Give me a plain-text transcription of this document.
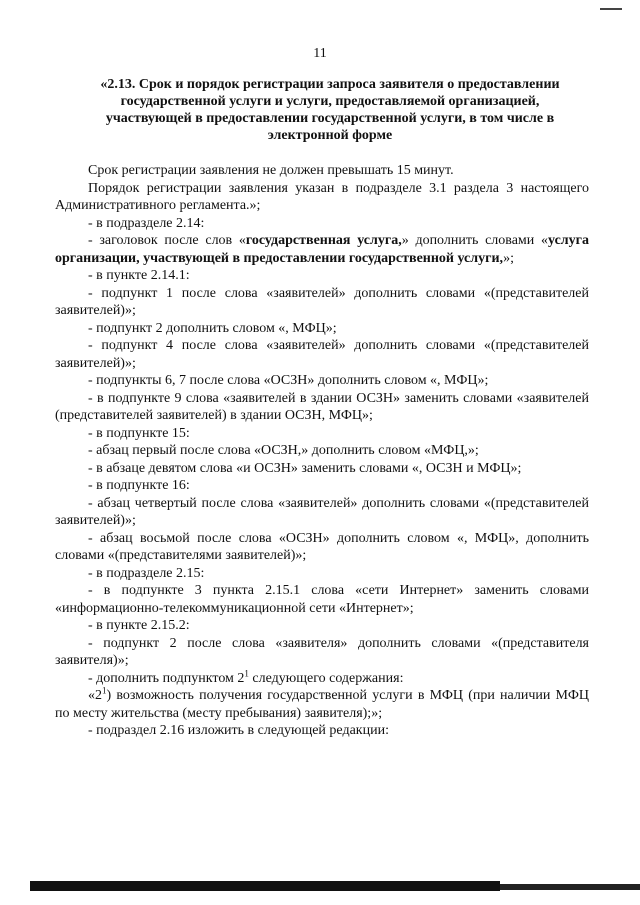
11
«2.13. Срок и порядок регистрации запроса заявителя о предоставлении государственной услуги и услуги, предоставляемой организацией, участвующей в предоставлении государственной услуги, в том числе в электронной форме

Срок регистрации заявления не должен превышать 15 минут.

Порядок регистрации заявления указан в подразделе 3.1 раздела 3 настоящего Административного регламента.»;

- в подразделе 2.14:

- заголовок после слов «государственная услуга,» дополнить словами «услуга организации, участвующей в предоставлении государственной услуги,»;

- в пункте 2.14.1:

- подпункт 1 после слова «заявителей» дополнить словами «(представителей заявителей)»;

- подпункт 2 дополнить словом «, МФЦ»;

- подпункт 4 после слова «заявителей» дополнить словами «(представителей заявителей)»;

- подпункты 6, 7 после слова «ОСЗН» дополнить словом «, МФЦ»;

- в подпункте 9 слова «заявителей в здании ОСЗН» заменить словами «заявителей (представителей заявителей) в здании ОСЗН, МФЦ»;

- в подпункте 15:

- абзац первый после слова «ОСЗН,» дополнить словом «МФЦ,»;

- в абзаце девятом слова «и ОСЗН» заменить словами «, ОСЗН и МФЦ»;

- в подпункте 16:

- абзац четвертый после слова «заявителей» дополнить словами «(представителей заявителей)»;

- абзац восьмой после слова «ОСЗН» дополнить словом «, МФЦ», дополнить словами «(представителями заявителей)»;

- в подразделе 2.15:

- в подпункте 3 пункта 2.15.1 слова «сети Интернет» заменить словами «информационно-телекоммуникационной сети «Интернет»;

- в пункте 2.15.2:

- подпункт 2 после слова «заявителя» дополнить словами «(представителя заявителя)»;

- дополнить подпунктом $2^1$ следующего содержания:

«$2^1$) возможность получения государственной услуги в МФЦ (при наличии МФЦ по месту жительства (месту пребывания) заявителя);»;

- подраздел 2.16 изложить в следующей редакции:
